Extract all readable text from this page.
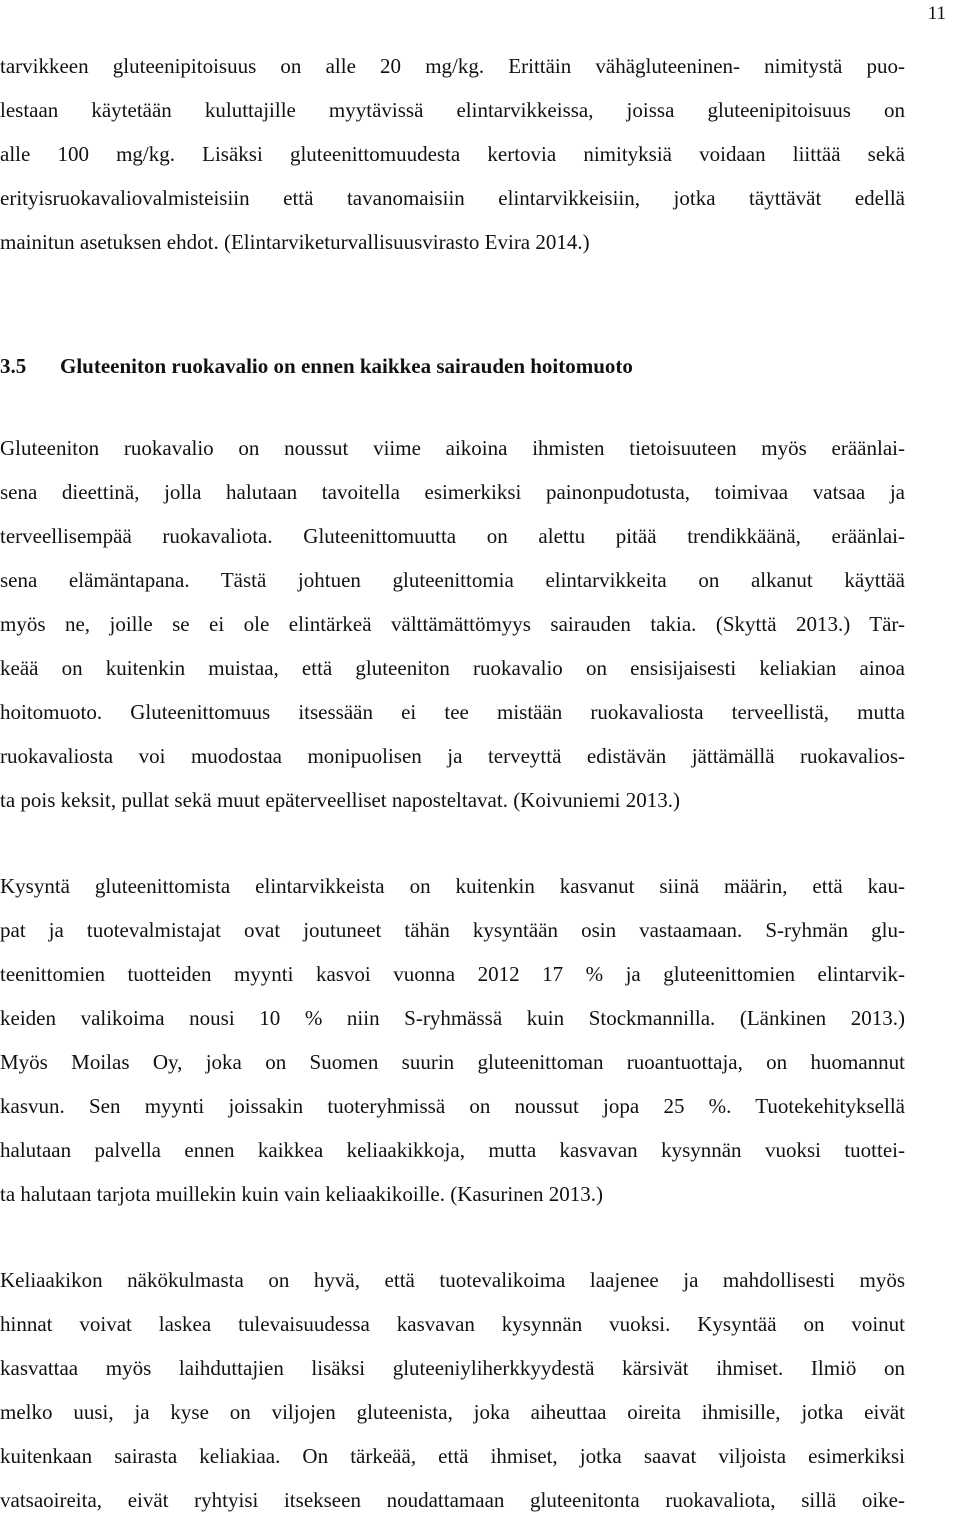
11
tarvikkeen gluteenipitoisuus on alle 20 mg/kg. Erittäin vähägluteeninen- nimitystä puo-
lestaan käytetään kuluttajille myytävissä elintarvikkeissa, joissa gluteenipitoisuus on
alle 100 mg/kg. Lisäksi gluteenittomuudesta kertovia nimityksiä voidaan liittää sekä
erityisruokavaliovalmisteisiin että tavanomaisiin elintarvikkeisiin, jotka täyttävät edellä
mainitun asetuksen ehdot. (Elintarviketurvallisuusvirasto Evira 2014.)
3.5 Gluteeniton ruokavalio on ennen kaikkea sairauden hoitomuoto
Gluteeniton ruokavalio on noussut viime aikoina ihmisten tietoisuuteen myös eräänlai-
sena dieettinä, jolla halutaan tavoitella esimerkiksi painonpudotusta, toimivaa vatsaa ja
terveellisempää ruokavaliota. Gluteenittomuutta on alettu pitää trendikkäänä, eräänlai-
sena elämäntapana. Tästä johtuen gluteenittomia elintarvikkeita on alkanut käyttää
myös ne, joille se ei ole elintärkeä välttämättömyys sairauden takia. (Skyttä 2013.) Tär-
keää on kuitenkin muistaa, että gluteeniton ruokavalio on ensisijaisesti keliakian ainoa
hoitomuoto. Gluteenittomuus itsessään ei tee mistään ruokavaliosta terveellistä, mutta
ruokavaliosta voi muodostaa monipuolisen ja terveyttä edistävän jättämällä ruokavalios-
ta pois keksit, pullat sekä muut epäterveelliset naposteltavat. (Koivuniemi 2013.)
Kysyntä gluteenittomista elintarvikkeista on kuitenkin kasvanut siinä määrin, että kau-
pat ja tuotevalmistajat ovat joutuneet tähän kysyntään osin vastaamaan. S-ryhmän glu-
teenittomien tuotteiden myynti kasvoi vuonna 2012 17 % ja gluteenittomien elintarvik-
keiden valikoima nousi 10 % niin S-ryhmässä kuin Stockmannilla. (Länkinen 2013.)
Myös Moilas Oy, joka on Suomen suurin gluteenittoman ruoantuottaja, on huomannut
kasvun. Sen myynti joissakin tuoteryhmissä on noussut jopa 25 %. Tuotekehityksellä
halutaan palvella ennen kaikkea keliaakikkoja, mutta kasvavan kysynnän vuoksi tuottei-
ta halutaan tarjota muillekin kuin vain keliaakikoille. (Kasurinen 2013.)
Keliaakikon näkökulmasta on hyvä, että tuotevalikoima laajenee ja mahdollisesti myös
hinnat voivat laskea tulevaisuudessa kasvavan kysynnän vuoksi. Kysyntää on voinut
kasvattaa myös laihduttajien lisäksi gluteeniyliherkkyydestä kärsivät ihmiset. Ilmiö on
melko uusi, ja kyse on viljojen gluteenista, joka aiheuttaa oireita ihmisille, jotka eivät
kuitenkaan sairasta keliakiaa. On tärkeää, että ihmiset, jotka saavat viljoista esimerkiksi
vatsaoireita, eivät ryhtyisi itsekseen noudattamaan gluteenitonta ruokavaliota, sillä oike-
